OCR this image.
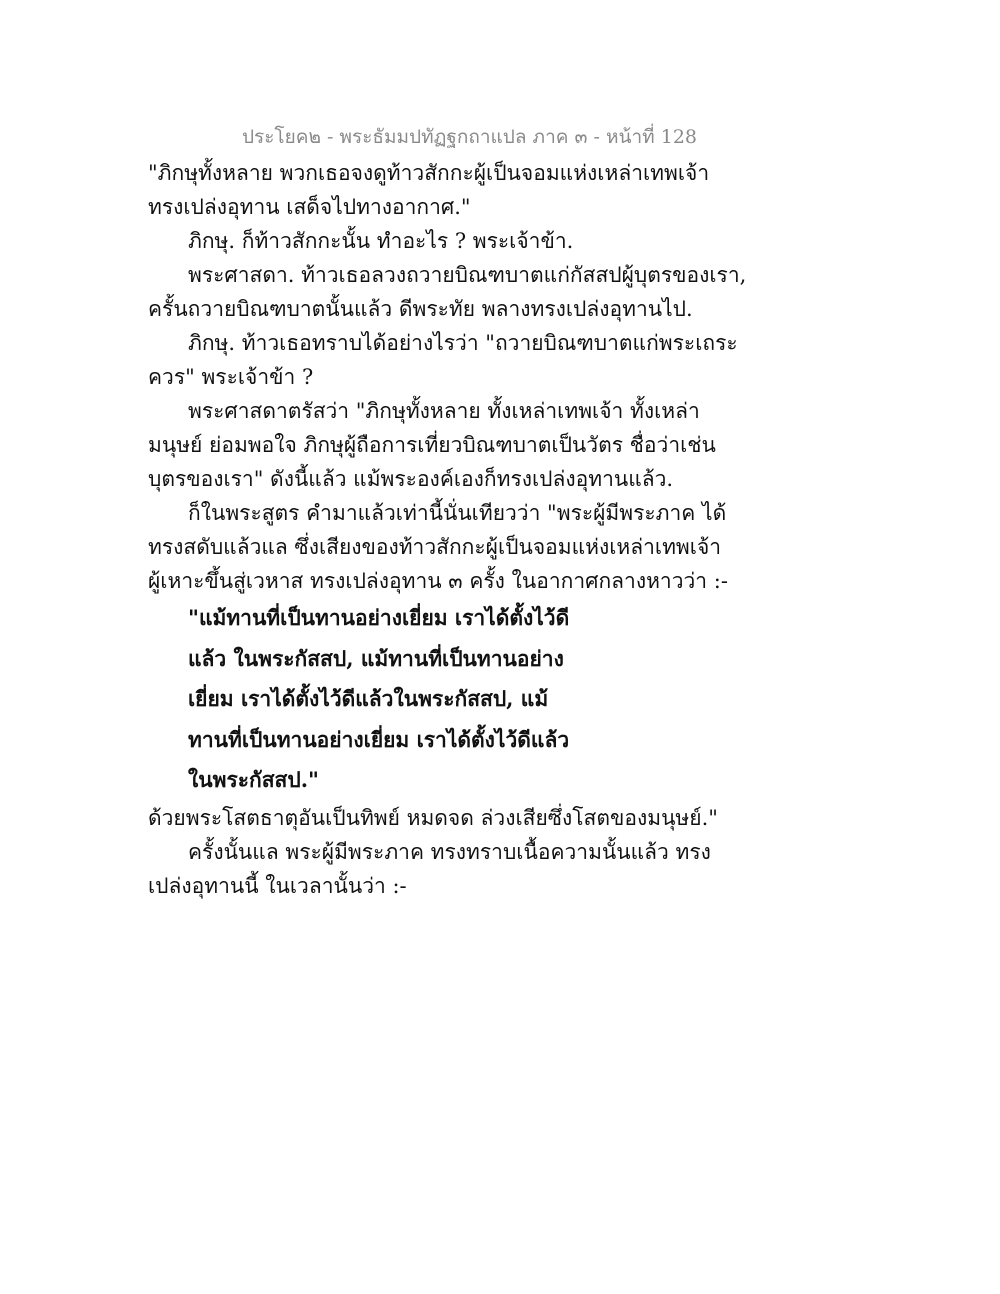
ประโยค๒ - พระธัมมปทัฏฐกถาแปล ภาค ๓ - หน้าที่ 128
"ภิกษุทั้งหลาย พวกเธอจงดูท้าวสักกะผู้เป็นจอมแห่งเหล่าเทพเจ้า
ทรงเปล่งอุทาน เสด็จไปทางอากาศ."
ภิกษุ. ก็ท้าวสักกะนั้น ทำอะไร ? พระเจ้าข้า.
พระศาสดา. ท้าวเธอลวงถวายบิณฑบาตแก่กัสสปผู้บุตรของเรา,
ครั้นถวายบิณฑบาตนั้นแล้ว ดีพระทัย พลางทรงเปล่งอุทานไป.
ภิกษุ. ท้าวเธอทราบได้อย่างไรว่า "ถวายบิณฑบาตแก่พระเถระ
ควร" พระเจ้าข้า ?
พระศาสดาตรัสว่า "ภิกษุทั้งหลาย ทั้งเหล่าเทพเจ้า ทั้งเหล่า
มนุษย์ ย่อมพอใจ ภิกษุผู้ถือการเที่ยวบิณฑบาตเป็นวัตร ชื่อว่าเช่น
บุตรของเรา" ดังนี้แล้ว แม้พระองค์เองก็ทรงเปล่งอุทานแล้ว.
ก็ในพระสูตร คำมาแล้วเท่านี้นั่นเทียวว่า "พระผู้มีพระภาค ได้
ทรงสดับแล้วแล ซึ่งเสียงของท้าวสักกะผู้เป็นจอมแห่งเหล่าเทพเจ้า
ผู้เหาะขึ้นสู่เวหาส ทรงเปล่งอุทาน ๓ ครั้ง ในอากาศกลางหาวว่า :-
"แม้ทานที่เป็นทานอย่างเยี่ยม เราได้ตั้งไว้ดี
แล้ว ในพระกัสสป, แม้ทานที่เป็นทานอย่าง
เยี่ยม เราได้ตั้งไว้ดีแล้วในพระกัสสป, แม้
ทานที่เป็นทานอย่างเยี่ยม เราได้ตั้งไว้ดีแล้ว
ในพระกัสสป."
ด้วยพระโสตธาตุอันเป็นทิพย์ หมดจด ล่วงเสียซึ่งโสตของมนุษย์."
ครั้งนั้นแล พระผู้มีพระภาค ทรงทราบเนื้อความนั้นแล้ว ทรง
เปล่งอุทานนี้ ในเวลานั้นว่า :-
